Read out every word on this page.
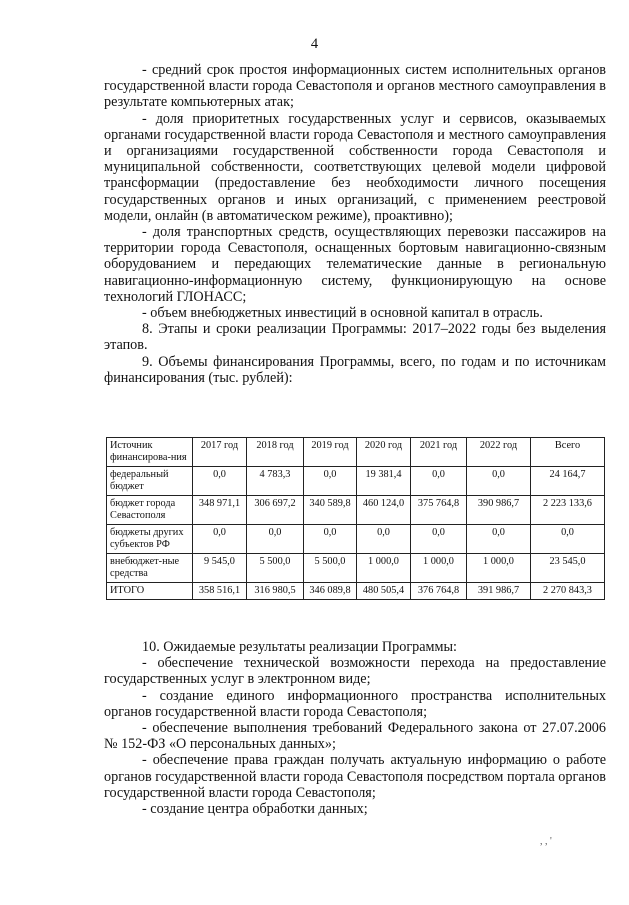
4

- средний срок простоя информационных систем исполнительных органов государственной власти города Севастополя и органов местного самоуправления в результате компьютерных атак;

- доля приоритетных государственных услуг и сервисов, оказываемых органами государственной власти города Севастополя и местного самоуправления и организациями государственной собственности города Севастополя и муниципальной собственности, соответствующих целевой модели цифровой трансформации (предоставление без необходимости личного посещения государственных органов и иных организаций, с применением реестровой модели, онлайн (в автоматическом режиме), проактивно);

- доля транспортных средств, осуществляющих перевозки пассажиров на территории города Севастополя, оснащенных бортовым навигационно-связным оборудованием и передающих телематические данные в региональную навигационно-информационную систему, функционирующую на основе технологий ГЛОНАСС;

- объем внебюджетных инвестиций в основной капитал в отрасль.

8. Этапы и сроки реализации Программы: 2017–2022 годы без выделения этапов.

9. Объемы финансирования Программы, всего, по годам и по источникам финансирования (тыс. рублей):

Источник финансирова-ния	2017 год	2018 год	2019 год	2020 год	2021 год	2022 год	Всего
федеральный бюджет	0,0	4 783,3	0,0	19 381,4	0,0	0,0	24 164,7
бюджет города Севастополя	348 971,1	306 697,2	340 589,8	460 124,0	375 764,8	390 986,7	2 223 133,6
бюджеты других субъектов РФ	0,0	0,0	0,0	0,0	0,0	0,0	0,0
внебюджет-ные средства	9 545,0	5 500,0	5 500,0	1 000,0	1 000,0	1 000,0	23 545,0
ИТОГО	358 516,1	316 980,5	346 089,8	480 505,4	376 764,8	391 986,7	2 270 843,3

10. Ожидаемые результаты реализации Программы:

- обеспечение технической возможности перехода на предоставление государственных услуг в электронном виде;

- создание единого информационного пространства исполнительных органов государственной власти города Севастополя;

- обеспечение выполнения требований Федерального закона от 27.07.2006 № 152-ФЗ «О персональных данных»;

- обеспечение права граждан получать актуальную информацию о работе органов государственной власти города Севастополя посредством портала органов государственной власти города Севастополя;

- создание центра обработки данных;

, , '
